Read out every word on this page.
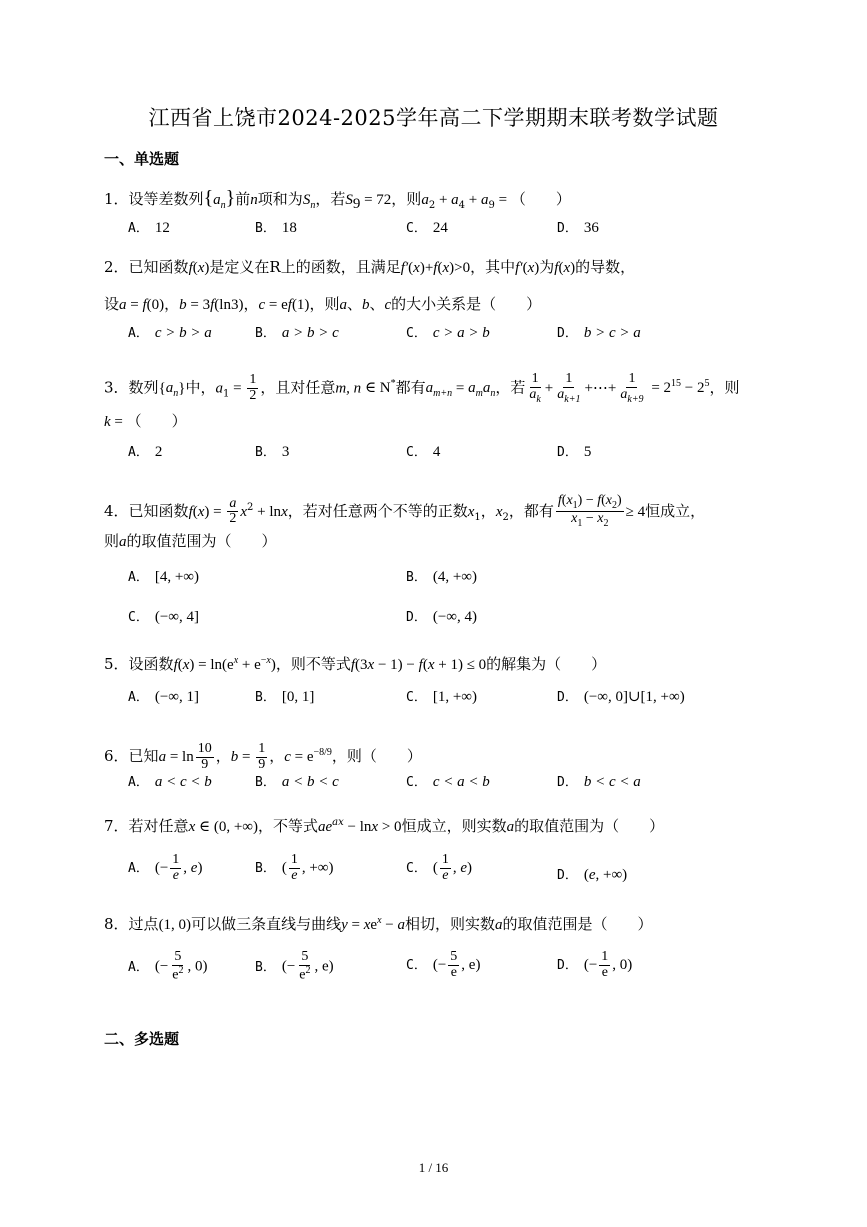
江西省上饶市2024-2025学年高二下学期期末联考数学试题
一、单选题
1．设等差数列$\{a_n\}$前n项和为$S_n$，若$S_9 = 72$，则$a_2 + a_4 + a_9$ = （　　）
A． 12	B． 18	C． 24	D． 36
2．已知函数f(x)是定义在R上的函数，且满足f′(x)+f(x)>0，其中f′(x)为f(x)的导数，
设a = f(0)，b = 3f(ln3)，c = ef(1)，则a、b、c的大小关系是（　　）
A． c > b > a	B． a > b > c	C． c > a > b	D． b > c > a
3．数列$\{a_n\}$中，$a_1 = \frac{1}{2}$ ，且对任意m, n ∈ N*都有$a_{m+n} = a_ma_n$，若 $\frac{1}{a_k} + \frac{1}{a_{k+1}}$ +⋯+ $\frac{1}{a_{k+9}} = 2^{15} - 2^5$，则
k = （　　）
A． 2	B． 3	C． 4	D． 5
4．已知函数$f(x) = \frac{a}{2} x^2 + \ln x$，若对任意两个不等的正数$x_1$，$x_2$，都有 $\frac{f(x_1) - f(x_2)}{x_1 - x_2} \ge 4$恒成立，
则a的取值范围为（　　）
A． [4, +∞)	B． (4, +∞)
C． (−∞, 4]	D． (−∞, 4)
5．设函数$f(x) = \ln(e^x + e^{-x})$，则不等式f(3x − 1) − f(x + 1) ≤ 0的解集为（　　）
A． (−∞, 1]	B． [0, 1]	C． [1, +∞)	D． (−∞, 0]∪[1, +∞)
6．已知$a = \ln \frac{10}{9}$ ，$b = \frac{1}{9}$ ，$c = e^{-8/9}$，则（　　）
A． a < c < b	B． a < b < c	C． c < a < b	D． b < c < a
7．若对任意x ∈ (0, +∞)，不等式$ae^{ax} - \ln x > 0$恒成立，则实数a的取值范围为（　　）
A． (− $\frac{1}{e}$ , e)	B． ( $\frac{1}{e}$ , +∞)	C． ( $\frac{1}{e}$ , e)	D． (e, +∞)
8．过点(1, 0)可以做三条直线与曲线$y = xe^x - a$相切，则实数a的取值范围是（　　）
A． (− $\frac{5}{e^2}$ , 0)	B． (− $\frac{5}{e^2}$ , e)	C． (− $\frac{5}{e}$ , e)	D． (− $\frac{1}{e}$ , 0)
二、多选题
1 / 16
